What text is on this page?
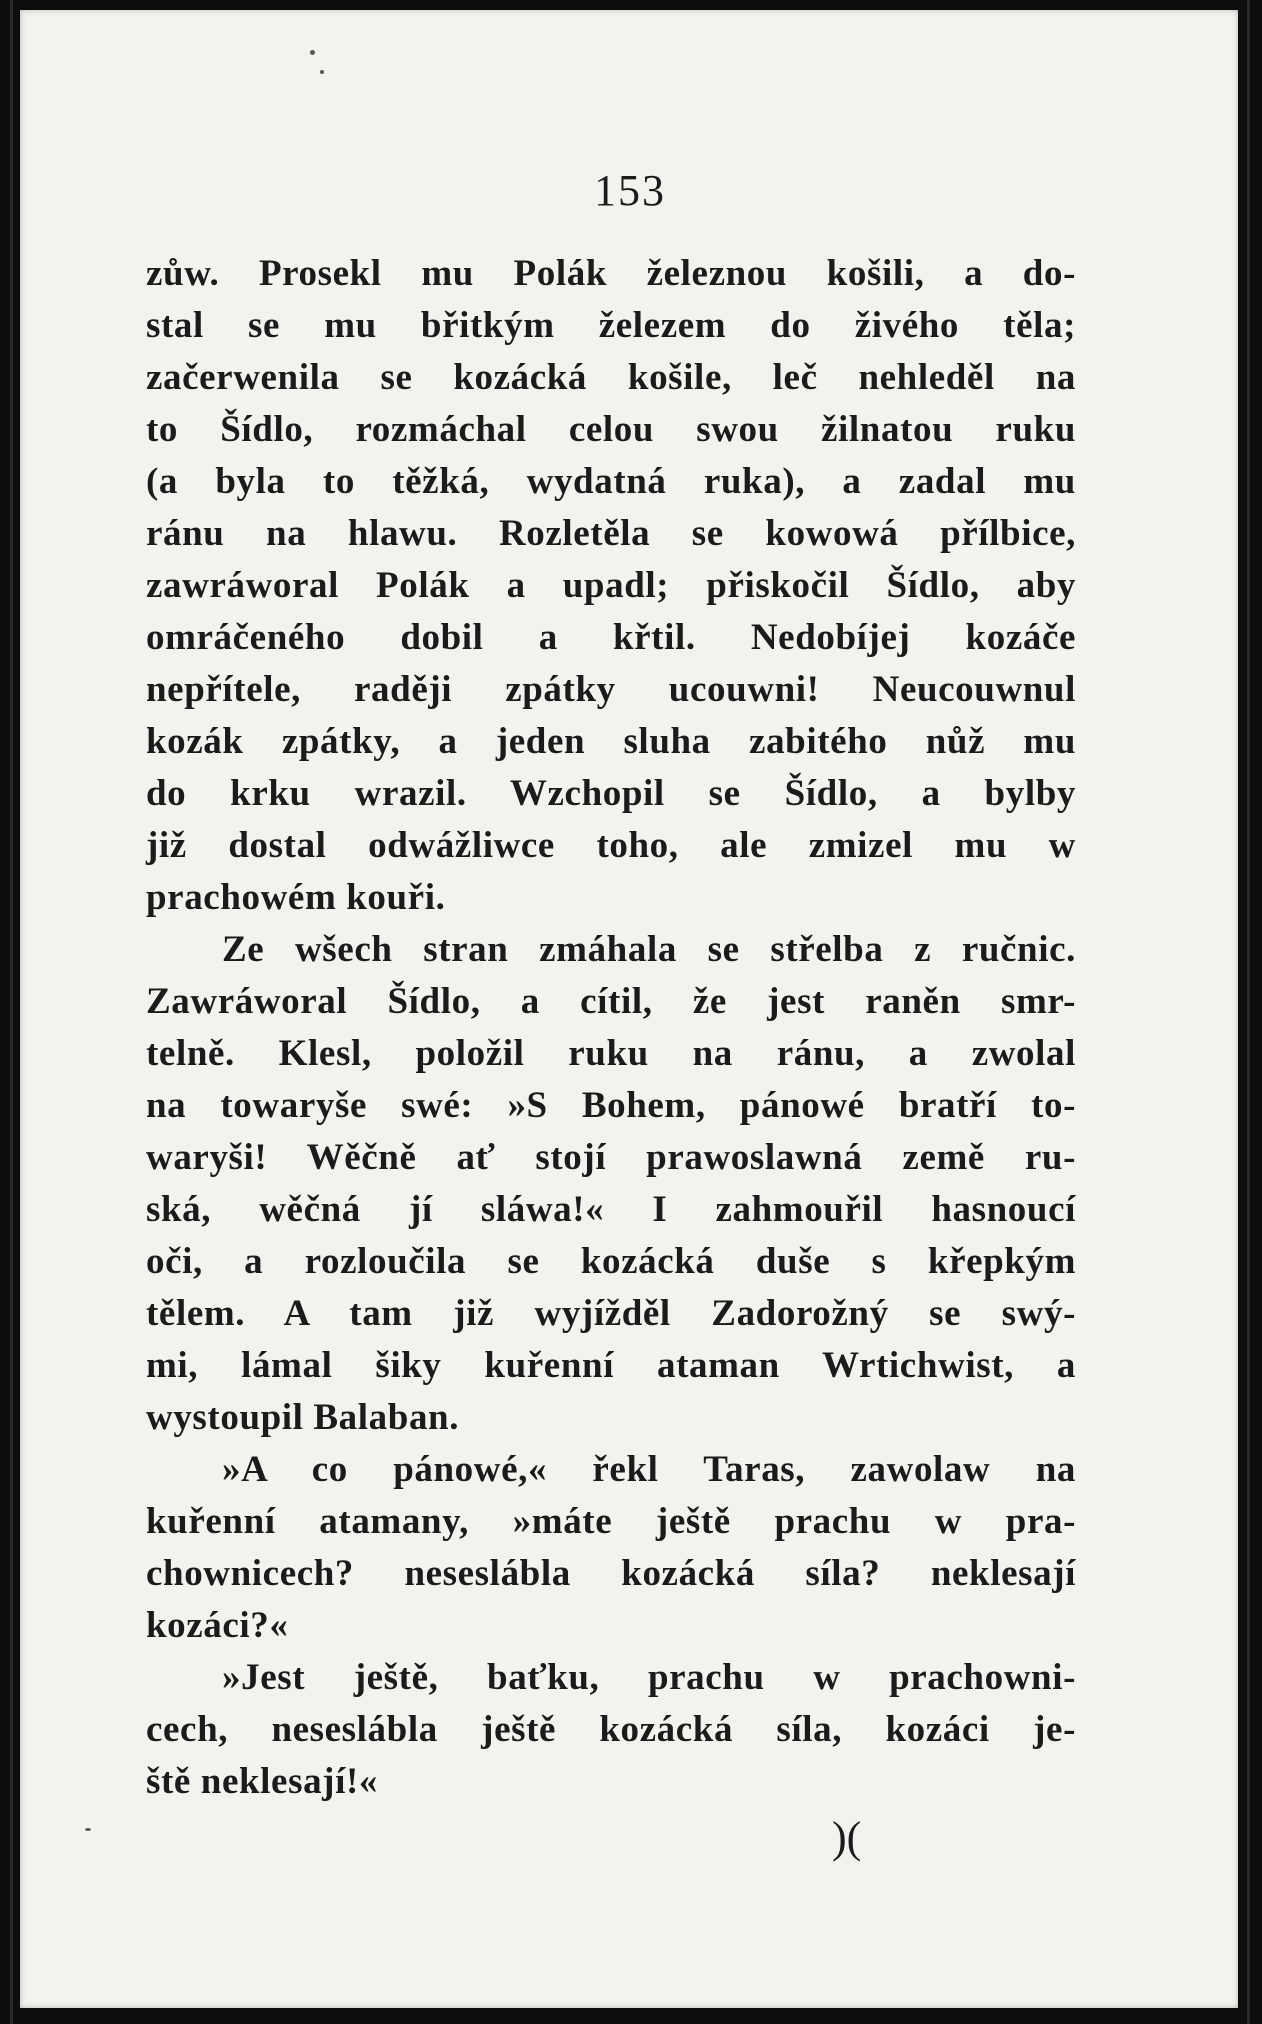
153
zůw. Prosekl mu Polák železnou košili, a do-
stal se mu břitkým železem do živého těla;
začerwenila se kozácká košile, leč nehleděl na
to Šídlo, rozmáchal celou swou žilnatou ruku
(a byla to těžká, wydatná ruka), a zadal mu
ránu na hlawu. Rozletěla se kowowá přílbice,
zawráworal Polák a upadl; přiskočil Šídlo, aby
omráčeného dobil a křtil. Nedobíjej kozáče
nepřítele, raději zpátky ucouwni! Neucouwnul
kozák zpátky, a jeden sluha zabitého nůž mu
do krku wrazil. Wzchopil se Šídlo, a bylby
již dostal odwážliwce toho, ale zmizel mu w
prachowém kouři.
Ze wšech stran zmáhala se střelba z ručnic.
Zawráworal Šídlo, a cítil, že jest raněn smr-
telně. Klesl, položil ruku na ránu, a zwolal
na towaryše swé: »S Bohem, pánowé bratří to-
waryši! Wěčně ať stojí prawoslawná země ru-
ská, wěčná jí sláwa!« I zahmouřil hasnoucí
oči, a rozloučila se kozácká duše s křepkým
tělem. A tam již wyjížděl Zadorožný se swý-
mi, lámal šiky kuřenní ataman Wrtichwist, a
wystoupil Balaban.
»A co pánowé,« řekl Taras, zawolaw na
kuřenní atamany, »máte ještě prachu w pra-
chownicech? neseslábla kozácká síla? neklesají
kozáci?«
»Jest ještě, baťku, prachu w prachowni-
cech, neseslábla ještě kozácká síla, kozáci je-
ště neklesají!«
)(
